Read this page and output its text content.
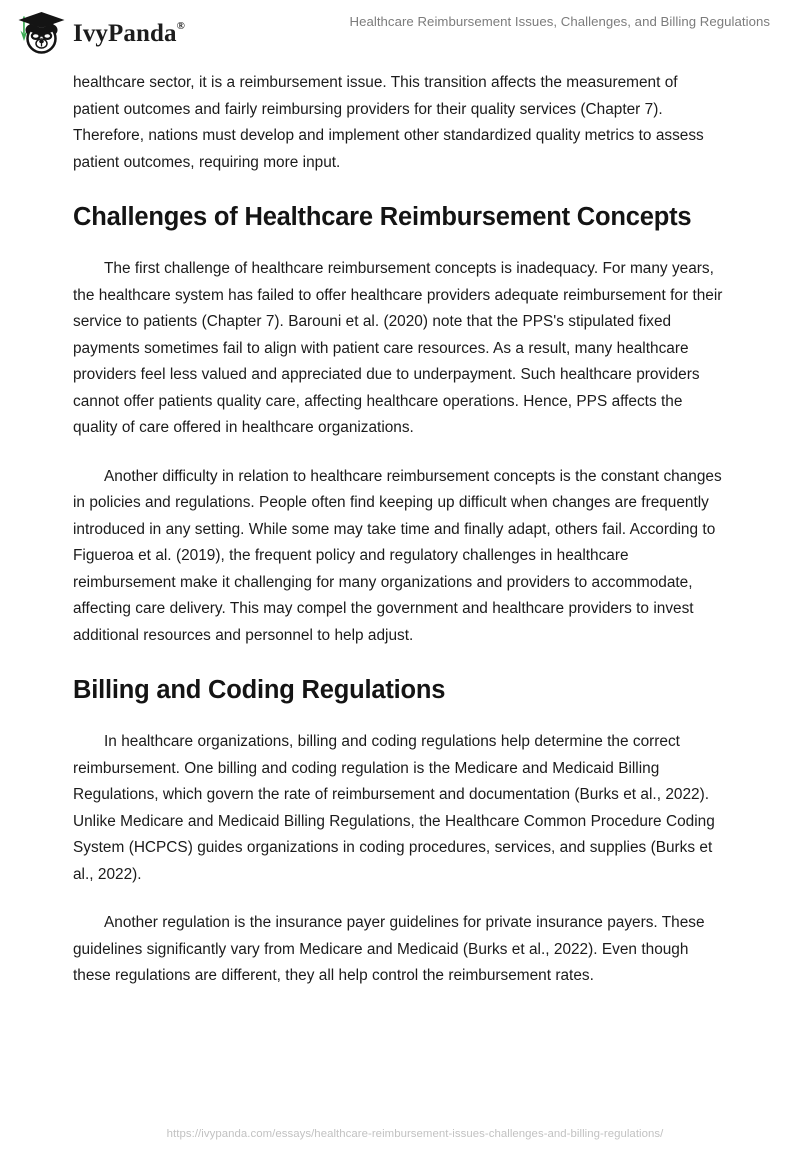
IvyPanda®	Healthcare Reimbursement Issues, Challenges, and Billing Regulations

healthcare sector, it is a reimbursement issue. This transition affects the measurement of patient outcomes and fairly reimbursing providers for their quality services (Chapter 7). Therefore, nations must develop and implement other standardized quality metrics to assess patient outcomes, requiring more input.

Challenges of Healthcare Reimbursement Concepts

The first challenge of healthcare reimbursement concepts is inadequacy. For many years, the healthcare system has failed to offer healthcare providers adequate reimbursement for their service to patients (Chapter 7). Barouni et al. (2020) note that the PPS's stipulated fixed payments sometimes fail to align with patient care resources. As a result, many healthcare providers feel less valued and appreciated due to underpayment. Such healthcare providers cannot offer patients quality care, affecting healthcare operations. Hence, PPS affects the quality of care offered in healthcare organizations.

Another difficulty in relation to healthcare reimbursement concepts is the constant changes in policies and regulations. People often find keeping up difficult when changes are frequently introduced in any setting. While some may take time and finally adapt, others fail. According to Figueroa et al. (2019), the frequent policy and regulatory challenges in healthcare reimbursement make it challenging for many organizations and providers to accommodate, affecting care delivery. This may compel the government and healthcare providers to invest additional resources and personnel to help adjust.

Billing and Coding Regulations

In healthcare organizations, billing and coding regulations help determine the correct reimbursement. One billing and coding regulation is the Medicare and Medicaid Billing Regulations, which govern the rate of reimbursement and documentation (Burks et al., 2022). Unlike Medicare and Medicaid Billing Regulations, the Healthcare Common Procedure Coding System (HCPCS) guides organizations in coding procedures, services, and supplies (Burks et al., 2022).

Another regulation is the insurance payer guidelines for private insurance payers. These guidelines significantly vary from Medicare and Medicaid (Burks et al., 2022). Even though these regulations are different, they all help control the reimbursement rates.

https://ivypanda.com/essays/healthcare-reimbursement-issues-challenges-and-billing-regulations/
